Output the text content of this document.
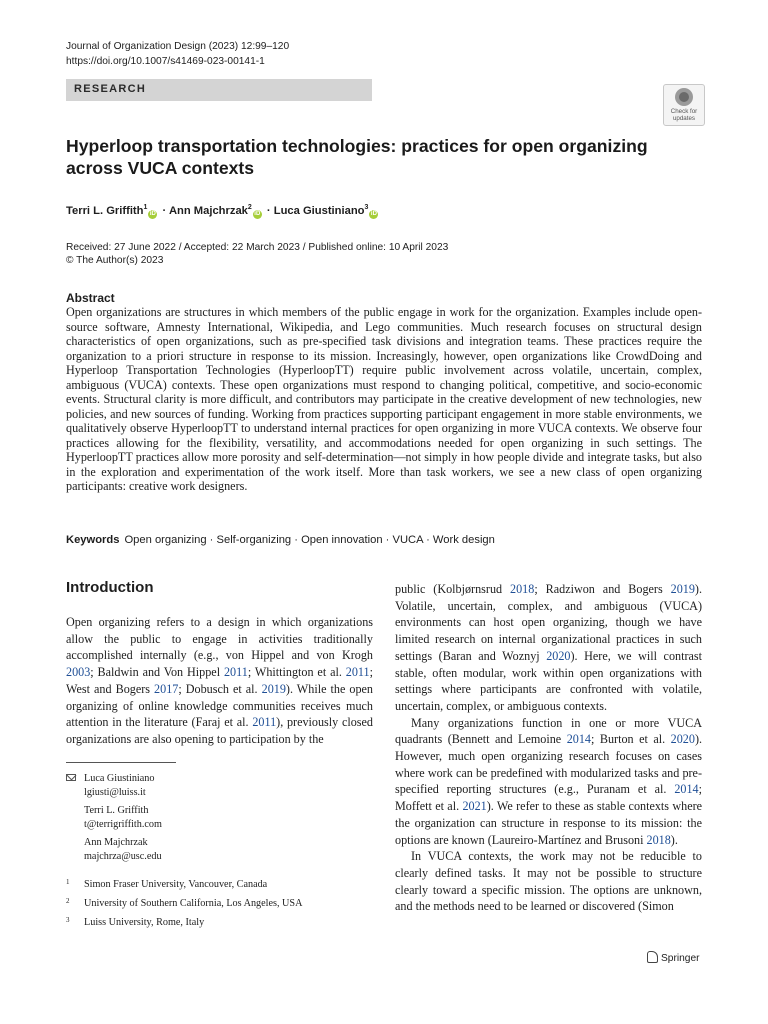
Journal of Organization Design (2023) 12:99–120
https://doi.org/10.1007/s41469-023-00141-1
RESEARCH
Check for
updates
Hyperloop transportation technologies: practices for open organizing across VUCA contexts
Terri L. Griffith$^1$iD · Ann Majchrzak$^2$iD · Luca Giustiniano$^3$iD
Received: 27 June 2022 / Accepted: 22 March 2023 / Published online: 10 April 2023
© The Author(s) 2023
Abstract

Open organizations are structures in which members of the public engage in work for the organization. Examples include open-source software, Amnesty International, Wikipedia, and Lego communities. Much research focuses on structural design characteristics of open organizations, such as pre-specified task divisions and integration teams. These practices require the organization to a priori structure in response to its mission. Increasingly, however, open organizations like CrowdDoing and Hyperloop Transportation Technologies (HyperloopTT) require public involvement across volatile, uncertain, complex, ambiguous (VUCA) contexts. These open organizations must respond to changing political, competitive, and socio-economic events. Structural clarity is more difficult, and contributors may participate in the creative development of new technologies, new policies, and new sources of funding. Working from practices supporting participant engagement in more stable environments, we qualitatively observe HyperloopTT to understand internal practices for open organizing in more VUCA contexts. We observe four practices allowing for the flexibility, versatility, and accommodations needed for open organizing in such settings. The HyperloopTT practices allow more porosity and self-determination—not simply in how people divide and integrate tasks, but also in the exploration and experimentation of the work itself. More than task workers, we see a new class of open organizing participants: creative work designers.

Keywords Open organizing · Self-organizing · Open innovation · VUCA · Work design
Introduction

Open organizing refers to a design in which organizations allow the public to engage in activities traditionally accomplished internally (e.g., von Hippel and von Krogh 2003; Baldwin and Von Hippel 2011; Whittington et al. 2011; West and Bogers 2017; Dobusch et al. 2019). While the open organizing of online knowledge communities receives much attention in the literature (Faraj et al. 2011), previously closed organizations are also opening to participation by the

public (Kolbjørnsrud 2018; Radziwon and Bogers 2019). Volatile, uncertain, complex, and ambiguous (VUCA) environments can host open organizing, though we have limited research on internal organizational practices in such settings (Baran and Woznyj 2020). Here, we will contrast stable, often modular, work within open organizations with settings where participants are confronted with volatile, uncertain, complex, or ambiguous contexts.

Many organizations function in one or more VUCA quadrants (Bennett and Lemoine 2014; Burton et al. 2020). However, much open organizing research focuses on cases where work can be predefined with modularized tasks and pre-specified reporting structures (e.g., Puranam et al. 2014; Moffett et al. 2021). We refer to these as stable contexts where the organization can structure in response to its mission: the options are known (Laureiro-Martínez and Brusoni 2018).

In VUCA contexts, the work may not be reducible to clearly defined tasks. It may not be possible to structure clearly toward a specific mission. The options are unknown, and the methods need to be learned or discovered (Simon

Luca Giustiniano
lgiusti@luiss.it
Terri L. Griffith
t@terrigriffith.com
Ann Majchrzak
majchrza@usc.edu
1 Simon Fraser University, Vancouver, Canada
2 University of Southern California, Los Angeles, USA
3 Luiss University, Rome, Italy
Springer
